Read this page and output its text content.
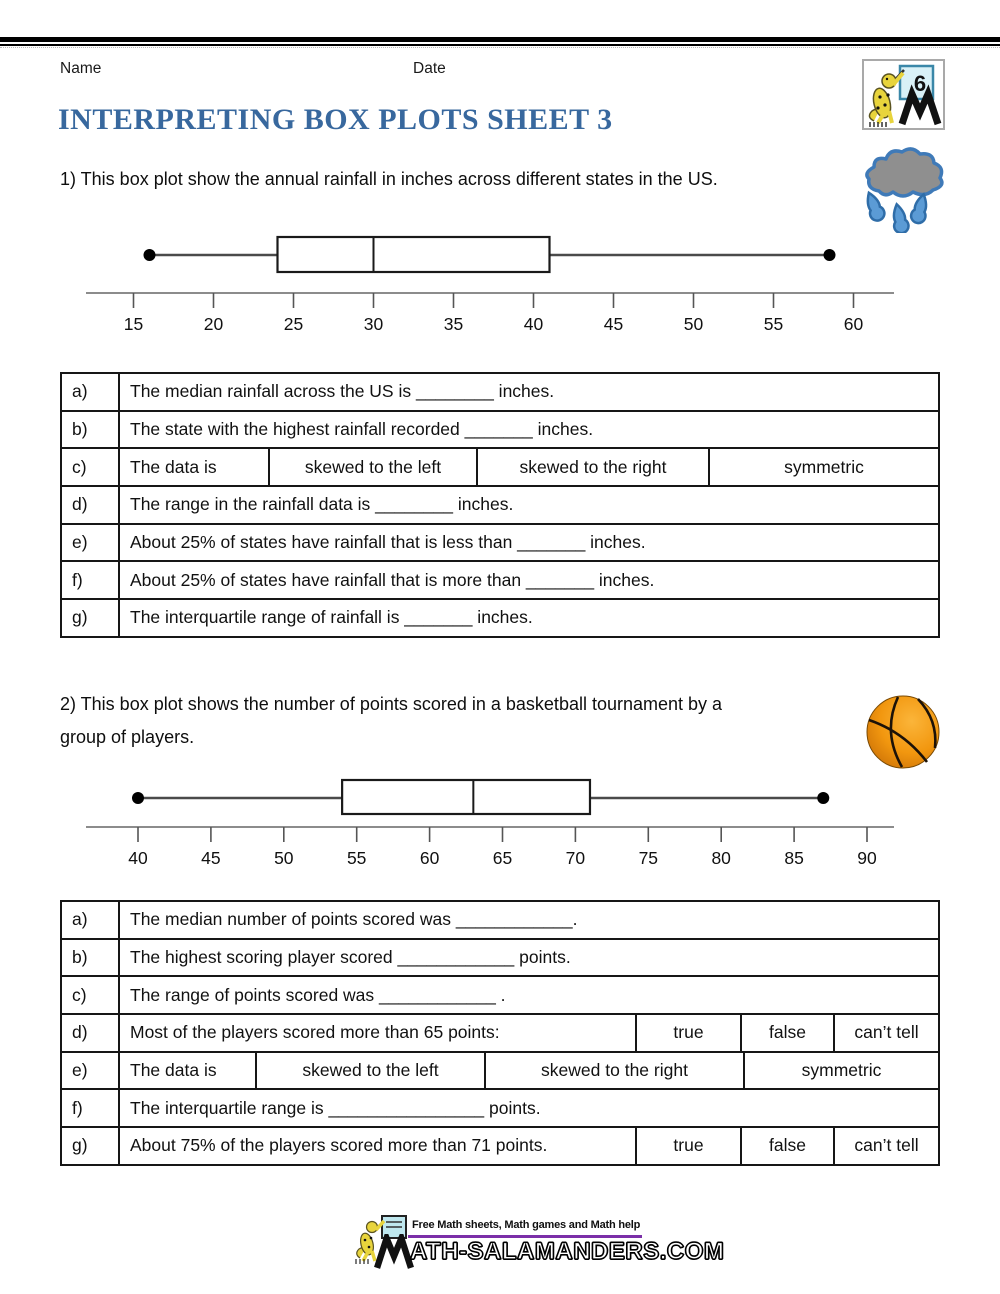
Name	Date
6
INTERPRETING BOX PLOTS SHEET 3
1) This box plot show the annual rainfall in inches across different states in the US.
15	20	25	30	35	40	45	50	55	60
a)	The median rainfall across the US is ________ inches.
b)	The state with the highest rainfall recorded _______ inches.
c)	The data is	skewed to the left	skewed to the right	symmetric
d)	The range in the rainfall data is ________ inches.
e)	About 25% of states have rainfall that is less than _______ inches.
f)	About 25% of states have rainfall that is more than _______ inches.
g)	The interquartile range of rainfall is _______ inches.
2) This box plot shows the number of points scored in a basketball tournament by a
group of players.
40	45	50	55	60	65	70	75	80	85	90
a)	The median number of points scored was ____________.
b)	The highest scoring player scored ____________ points.
c)	The range of points scored was ____________ .
d)	Most of the players scored more than 65 points:	true	false	can’t tell
e)	The data is	skewed to the left	skewed to the right	symmetric
f)	The interquartile range is ________________ points.
g)	About 75% of the players scored more than 71 points.	true	false	can’t tell
Free Math sheets, Math games and Math help
ATH-SALAMANDERS.COM
